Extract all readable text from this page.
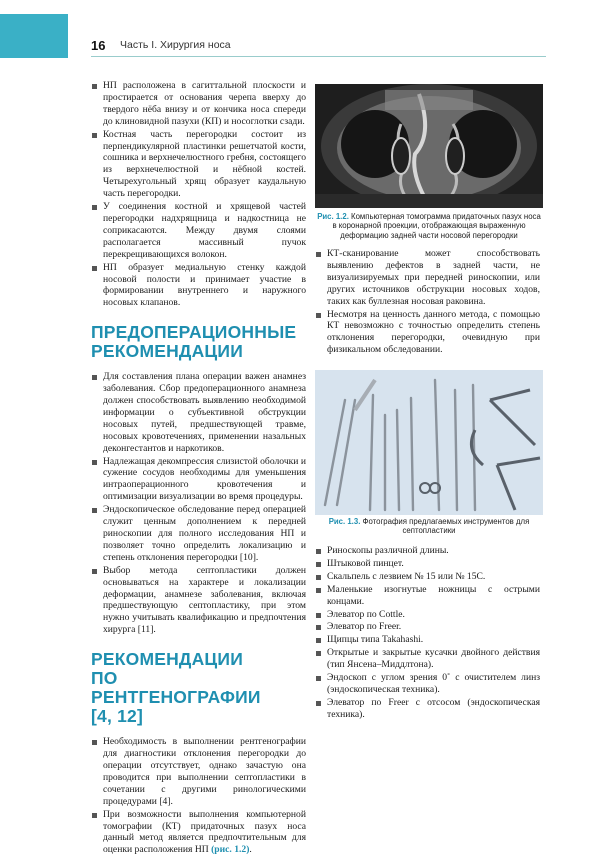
16 Часть I. Хирургия носа
НП расположена в сагиттальной плоскости и простирается от основания черепа вверху до твердого нёба внизу и от кончика носа спереди до клиновидной пазухи (КП) и носоглотки сзади.
Костная часть перегородки состоит из перпендикулярной пластинки решетчатой кости, сошника и верхнечелюстного гребня, состоящего из верхнечелюстной и нёбной костей. Четырехугольный хрящ образует каудальную часть перегородки.
У соединения костной и хрящевой частей перегородки надхрящница и надкостница не соприкасаются. Между двумя слоями располагается массивный пучок перекрещивающихся волокон.
НП образует медиальную стенку каждой носовой полости и принимает участие в формировании внутреннего и наружного носовых клапанов.
ПРЕДОПЕРАЦИОННЫЕ РЕКОМЕНДАЦИИ
Для составления плана операции важен анамнез заболевания. Сбор предоперационного анамнеза должен способствовать выявлению необходимой информации о субъективной обструкции носовых путей, предшествующей травме, носовых кровотечениях, применении назальных деконгестантов и наркотиков.
Надлежащая декомпрессия слизистой оболочки и сужение сосудов необходимы для уменьшения интраоперационного кровотечения и оптимизации визуализации во время процедуры.
Эндоскопическое обследование перед операцией служит ценным дополнением к передней риноскопии для полного исследования НП и позволяет точно определить локализацию и степень отклонения перегородки [10].
Выбор метода септопластики должен основываться на характере и локализации деформации, анамнезе заболевания, включая предшествующую септопластику, при этом нужно учитывать квалификацию и предпочтения хирурга [11].
РЕКОМЕНДАЦИИ ПО РЕНТГЕНОГРАФИИ [4, 12]
Необходимость в выполнении рентгенографии для диагностики отклонения перегородки до операции отсутствует, однако зачастую она проводится при выполнении септопластики в сочетании с другими ринологическими процедурами [4].
При возможности выполнения компьютерной томографии (КТ) придаточных пазух носа данный метод является предпочтительным для оценки расположения НП (рис. 1.2).
Рис. 1.2. Компьютерная томограмма придаточных пазух носа в коронарной проекции, отображающая выраженную деформацию задней части носовой перегородки
КТ-сканирование может способствовать выявлению дефектов в задней части, не визуализируемых при передней риноскопии, или других источников обструкции носовых ходов, таких как буллезная носовая раковина.
Несмотря на ценность данного метода, с помощью КТ невозможно с точностью определить степень отклонения перегородки, очевидную при физикальном обследовании.
Рис. 1.3. Фотография предлагаемых инструментов для септопластики
Риноскопы различной длины.
Штыковой пинцет.
Скальпель с лезвием № 15 или № 15С.
Маленькие изогнутые ножницы с острыми концами.
Элеватор по Cottle.
Элеватор по Freer.
Щипцы типа Takahashi.
Открытые и закрытые кусачки двойного действия (тип Янсена–Миддлтона).
Эндоскоп с углом зрения 0˚ с очистителем линз (эндоскопическая техника).
Элеватор по Freer с отсосом (эндоскопическая техника).
